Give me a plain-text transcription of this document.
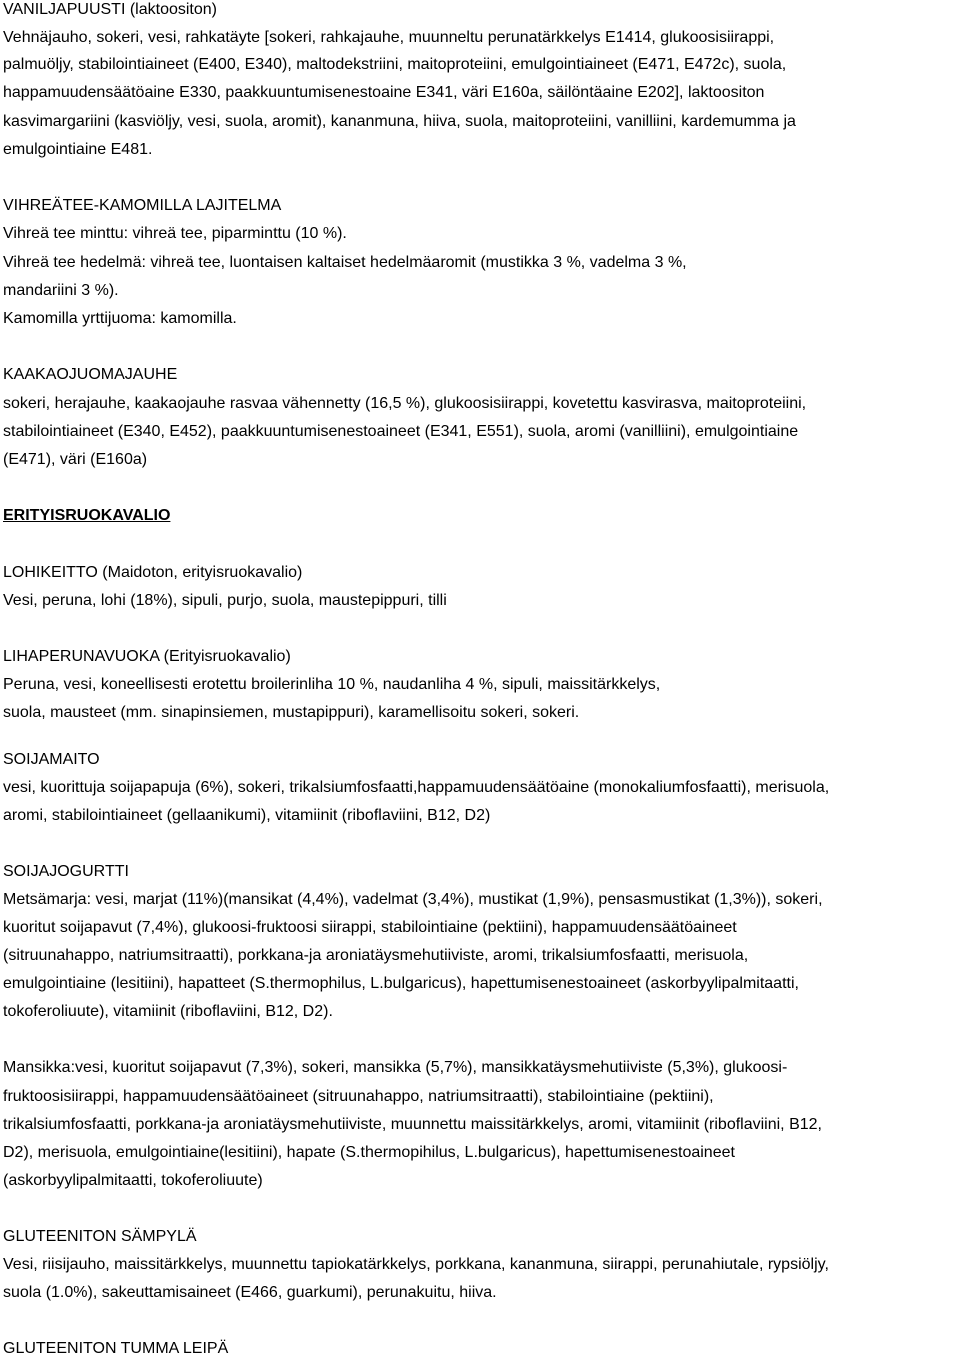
VANILJAPUUSTI (laktoositon)
Vehnäjauho, sokeri, vesi, rahkatäyte [sokeri, rahkajauhe, muunneltu perunatärkkelys E1414, glukoosisiirappi,
palmuöljy, stabilointiaineet (E400, E340), maltodekstriini, maitoproteiini, emulgointiaineet (E471, E472c), suola,
happamuudensäätöaine E330, paakkuuntumisenestoaine E341, väri E160a, säilöntäaine E202], laktoositon
kasvimargariini (kasviöljy, vesi, suola, aromit), kananmuna, hiiva, suola, maitoproteiini, vanilliini, kardemumma ja
emulgointiaine E481.
VIHREÄTEE-KAMOMILLA LAJITELMA
Vihreä tee minttu: vihreä tee, piparminttu (10 %).
Vihreä tee hedelmä: vihreä tee, luontaisen kaltaiset hedelmäaromit (mustikka 3 %, vadelma 3 %,
mandariini 3 %).
Kamomilla yrttijuoma: kamomilla.
KAAKAOJUOMAJAUHE
sokeri, herajauhe, kaakaojauhe rasvaa vähennetty (16,5 %), glukoosisiirappi, kovetettu kasvirasva, maitoproteiini,
stabilointiaineet (E340, E452), paakkuuntumisenestoaineet (E341, E551), suola, aromi (vanilliini), emulgointiaine
(E471), väri (E160a)
ERITYISRUOKAVALIO
LOHIKEITTO (Maidoton, erityisruokavalio)
Vesi, peruna, lohi (18%), sipuli, purjo, suola, maustepippuri, tilli
LIHAPERUNAVUOKA (Erityisruokavalio)
Peruna, vesi, koneellisesti erotettu broilerinliha 10 %, naudanliha 4 %, sipuli, maissitärkkelys,
suola, mausteet (mm. sinapinsiemen, mustapippuri), karamellisoitu sokeri, sokeri.
SOIJAMAITO
vesi, kuorittuja soijapapuja (6%), sokeri, trikalsiumfosfaatti,happamuudensäätöaine (monokaliumfosfaatti), merisuola,
aromi, stabilointiaineet (gellaanikumi), vitamiinit (riboflaviini, B12, D2)
SOIJAJOGURTTI
Metsämarja: vesi, marjat (11%)(mansikat (4,4%), vadelmat (3,4%), mustikat (1,9%), pensasmustikat (1,3%)), sokeri,
kuoritut soijapavut (7,4%), glukoosi-fruktoosi siirappi, stabilointiaine (pektiini), happamuudensäätöaineet
(sitruunahappo, natriumsitraatti), porkkana-ja aroniatäysmehutiiviste, aromi, trikalsiumfosfaatti, merisuola,
emulgointiaine (lesitiini), hapatteet (S.thermophilus, L.bulgaricus), hapettumisenestoaineet (askorbyylipalmitaatti,
tokoferoliuute), vitamiinit (riboflaviini, B12, D2).
Mansikka:vesi, kuoritut soijapavut (7,3%), sokeri, mansikka (5,7%), mansikkatäysmehutiiviste (5,3%), glukoosi-
fruktoosisiirappi, happamuudensäätöaineet (sitruunahappo, natriumsitraatti), stabilointiaine (pektiini),
trikalsiumfosfaatti, porkkana-ja aroniatäysmehutiiviste, muunnettu maissitärkkelys, aromi, vitamiinit (riboflaviini, B12,
D2), merisuola, emulgointiaine(lesitiini), hapate (S.thermopihilus, L.bulgaricus), hapettumisenestoaineet
(askorbyylipalmitaatti, tokoferoliuute)
GLUTEENITON SÄMPYLÄ
Vesi, riisijauho, maissitärkkelys, muunnettu tapiokatärkkelys, porkkana, kananmuna, siirappi, perunahiutale, rypsiöljy,
suola (1.0%), sakeuttamisaineet (E466, guarkumi), perunakuitu, hiiva.
GLUTEENITON TUMMA LEIPÄ
